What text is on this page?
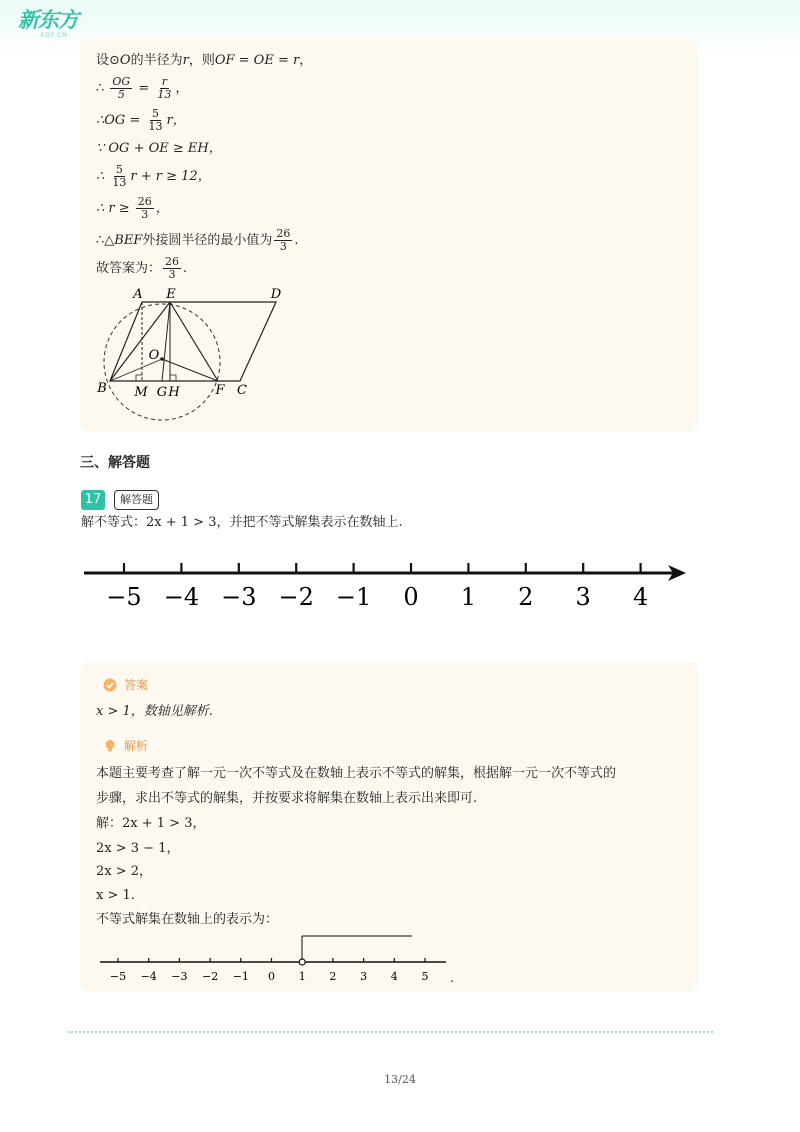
新东方
XDF.CN
设⊙O的半径为r，则OF = OE = r，
∴ $\frac{OG}{5} = \frac{r}{13}$ ，
∴OG = $\frac{5}{13}$ r，
∵ OG + OE ≥ EH，
∴ $\frac{5}{13}$ r + r ≥ 12，
∴ $r \ge \frac{26}{3}$ ，
∴△BEF外接圆半径的最小值为 $\frac{26}{3}$ .
故答案为： $\frac{26}{3}$ .
A E	D
O
B M G H	F C
三、解答题
17	解答题
解不等式：2x + 1 > 3，并把不等式解集表示在数轴上.
−5 −4 −3 −2 −1 0 1 2 3 4
答案
x > 1，数轴见解析.
解析
本题主要考查了解一元一次不等式及在数轴上表示不等式的解集，根据解一元一次不等式的
步骤，求出不等式的解集，并按要求将解集在数轴上表示出来即可.
解：2x + 1 > 3，
2x > 3 − 1，
2x > 2，
x > 1.
不等式解集在数轴上的表示为：
.
−5 −4 −3 −2 −1 0 1 2 3 4 5
13/24
